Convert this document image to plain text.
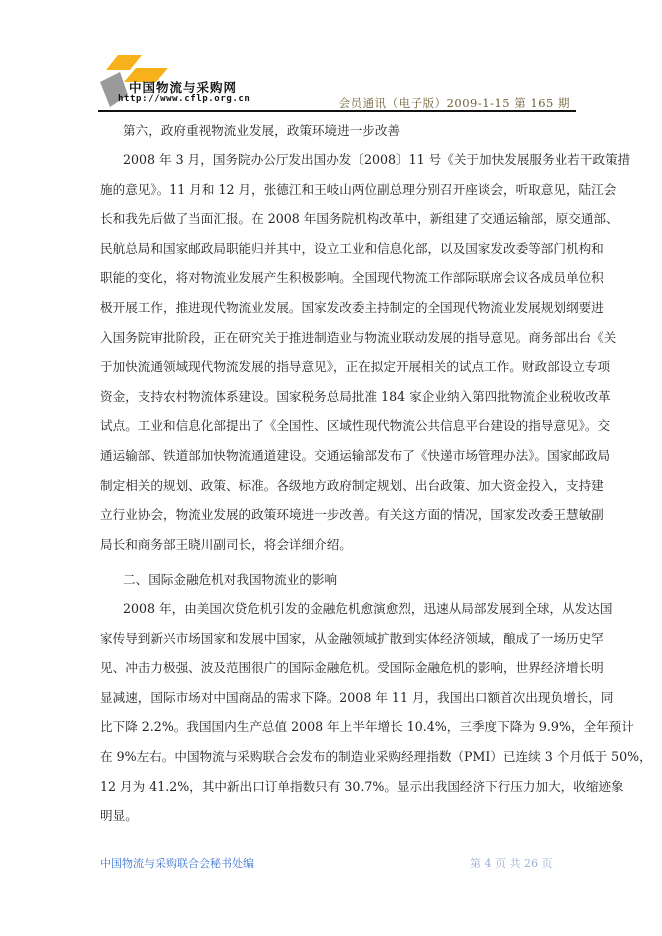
中国物流与采购网
http://www.cflp.org.cn	会员通讯（电子版）2009-1-15 第 165 期
第六，政府重视物流业发展，政策环境进一步改善
2008 年 3 月，国务院办公厅发出国办发〔2008〕11 号《关于加快发展服务业若干政策措
施的意见》。11 月和 12 月，张德江和王岐山两位副总理分别召开座谈会，听取意见，陆江会
长和我先后做了当面汇报。在 2008 年国务院机构改革中，新组建了交通运输部，原交通部、
民航总局和国家邮政局职能归并其中，设立工业和信息化部，以及国家发改委等部门机构和
职能的变化，将对物流业发展产生积极影响。全国现代物流工作部际联席会议各成员单位积
极开展工作，推进现代物流业发展。国家发改委主持制定的全国现代物流业发展规划纲要进
入国务院审批阶段，正在研究关于推进制造业与物流业联动发展的指导意见。商务部出台《关
于加快流通领域现代物流发展的指导意见》，正在拟定开展相关的试点工作。财政部设立专项
资金，支持农村物流体系建设。国家税务总局批准 184 家企业纳入第四批物流企业税收改革
试点。工业和信息化部提出了《全国性、区域性现代物流公共信息平台建设的指导意见》。交
通运输部、铁道部加快物流通道建设。交通运输部发布了《快递市场管理办法》。国家邮政局
制定相关的规划、政策、标准。各级地方政府制定规划、出台政策、加大资金投入，支持建
立行业协会，物流业发展的政策环境进一步改善。有关这方面的情况，国家发改委王慧敏副
局长和商务部王晓川副司长，将会详细介绍。
二、国际金融危机对我国物流业的影响
2008 年，由美国次贷危机引发的金融危机愈演愈烈，迅速从局部发展到全球，从发达国
家传导到新兴市场国家和发展中国家，从金融领域扩散到实体经济领域，酿成了一场历史罕
见、冲击力极强、波及范围很广的国际金融危机。受国际金融危机的影响，世界经济增长明
显减速，国际市场对中国商品的需求下降。2008 年 11 月，我国出口额首次出现负增长，同
比下降 2.2%。我国国内生产总值 2008 年上半年增长 10.4%，三季度下降为 9.9%，全年预计
在 9%左右。中国物流与采购联合会发布的制造业采购经理指数（PMI）已连续 3 个月低于 50%，
12 月为 41.2%，其中新出口订单指数只有 30.7%。显示出我国经济下行压力加大，收缩迹象
明显。
中国物流与采购联合会秘书处编	第 4 页 共 26 页
